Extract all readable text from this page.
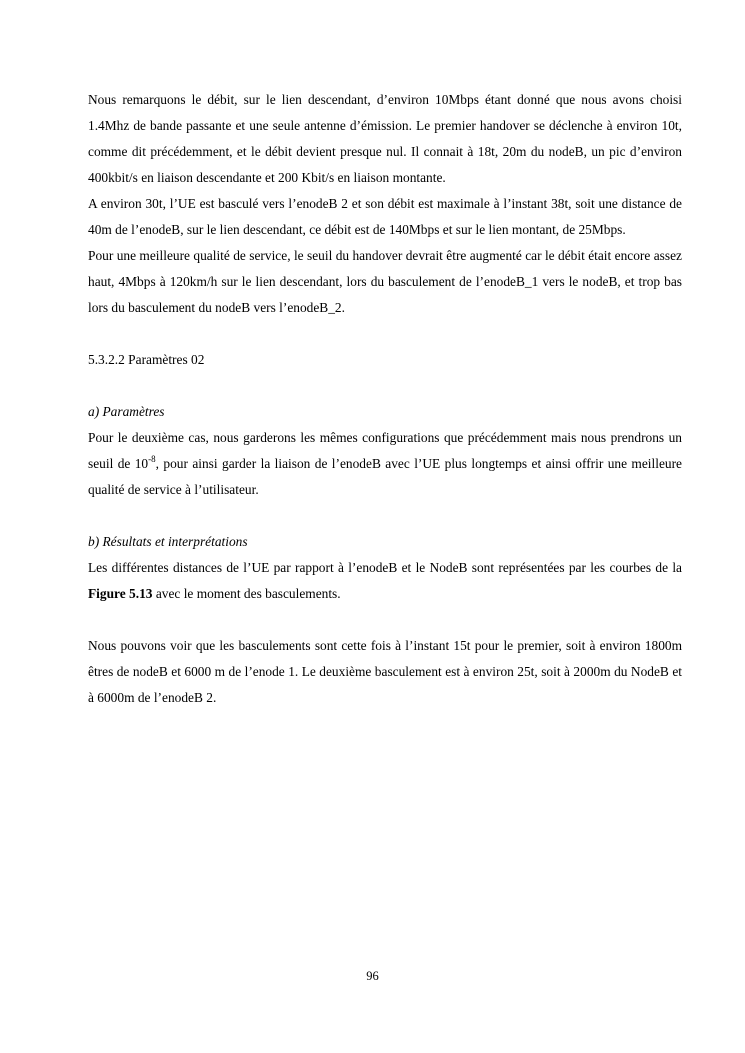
Nous remarquons le débit, sur le lien descendant, d’environ 10Mbps étant donné que nous avons choisi 1.4Mhz de bande passante et une seule antenne d’émission. Le premier handover se déclenche à environ 10t, comme dit précédemment, et le débit devient presque nul. Il connait à 18t, 20m du nodeB, un pic d’environ 400kbit/s en liaison descendante et 200 Kbit/s en liaison montante.

A environ 30t, l’UE est basculé vers l’enodeB 2 et son débit est maximale à l’instant 38t, soit une distance de 40m de l’enodeB, sur le lien descendant, ce débit est de 140Mbps et sur le lien montant, de 25Mbps.

Pour une meilleure qualité de service, le seuil du handover devrait être augmenté car le débit était encore assez haut, 4Mbps à 120km/h sur le lien descendant, lors du basculement de l’enodeB_1 vers le nodeB, et trop bas lors du basculement du nodeB vers l’enodeB_2.

5.3.2.2 Paramètres 02

a) Paramètres

Pour le deuxième cas, nous garderons les mêmes configurations que précédemment mais nous prendrons un seuil de $10^{-8}$, pour ainsi garder la liaison de l’enodeB avec l’UE plus longtemps et ainsi offrir une meilleure qualité de service à l’utilisateur.

b) Résultats et interprétations

Les différentes distances de l’UE par rapport à l’enodeB et le NodeB sont représentées par les courbes de la Figure 5.13 avec le moment des basculements.

Nous pouvons voir que les basculements sont cette fois à l’instant 15t pour le premier, soit à environ 1800m êtres de nodeB et 6000 m de l’enode 1. Le deuxième basculement est à environ 25t, soit à 2000m du NodeB et à 6000m de l’enodeB 2.

96
